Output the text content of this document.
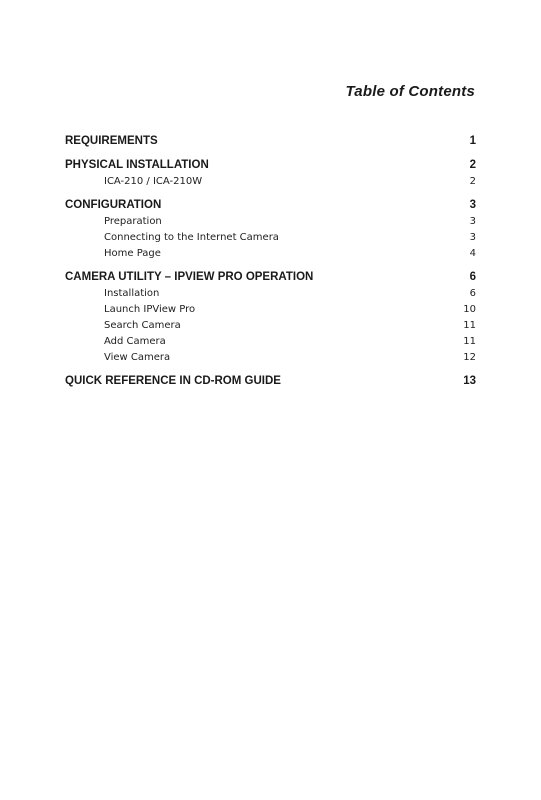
Table of Contents
REQUIREMENTS	1
PHYSICAL INSTALLATION	2
ICA-210 / ICA-210W	2
CONFIGURATION	3
Preparation	3
Connecting to the Internet Camera	3
Home Page	4
CAMERA UTILITY – IPVIEW PRO OPERATION	6
Installation	6
Launch IPView Pro	10
Search Camera	11
Add Camera	11
View Camera	12
QUICK REFERENCE IN CD-ROM GUIDE	13
